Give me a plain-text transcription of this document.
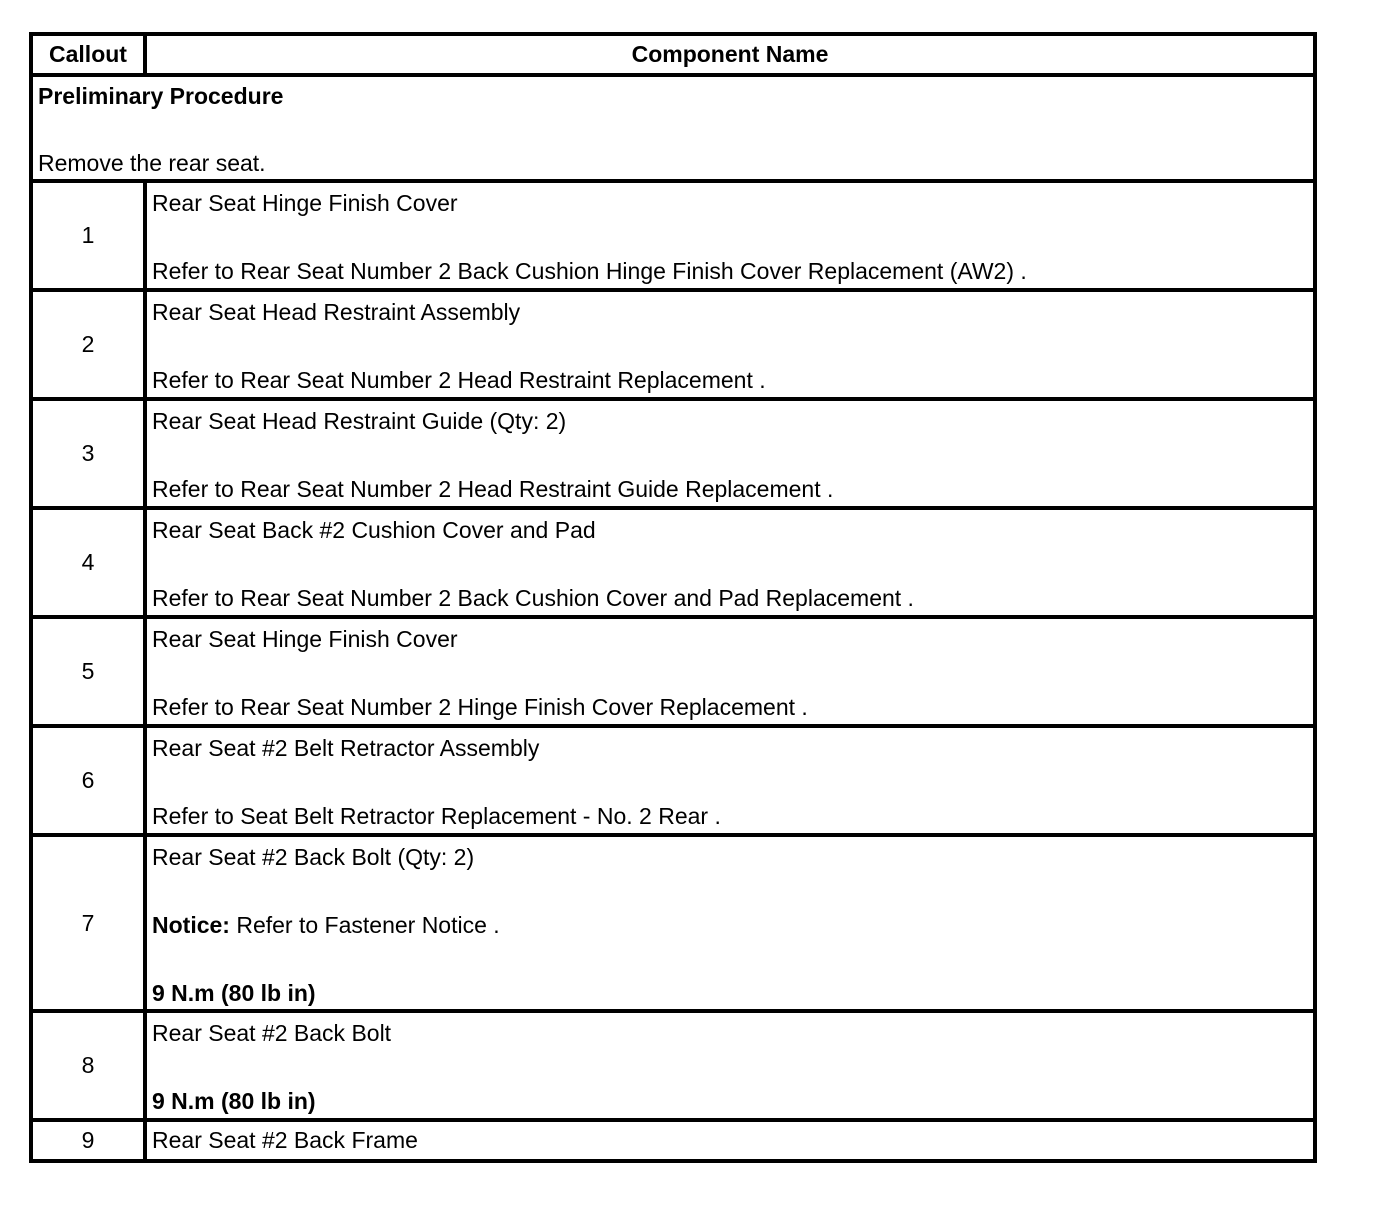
Callout	Component Name

Preliminary Procedure
Remove the rear seat.	

1	Rear Seat Hinge Finish Cover
Refer to Rear Seat Number 2 Back Cushion Hinge Finish Cover Replacement (AW2) .

2	Rear Seat Head Restraint Assembly
Refer to Rear Seat Number 2 Head Restraint Replacement .

3	Rear Seat Head Restraint Guide (Qty: 2)
Refer to Rear Seat Number 2 Head Restraint Guide Replacement .

4	Rear Seat Back #2 Cushion Cover and Pad
Refer to Rear Seat Number 2 Back Cushion Cover and Pad Replacement .

5	Rear Seat Hinge Finish Cover
Refer to Rear Seat Number 2 Hinge Finish Cover Replacement .

6	Rear Seat #2 Belt Retractor Assembly
Refer to Seat Belt Retractor Replacement - No. 2 Rear .

7	Rear Seat #2 Back Bolt (Qty: 2)
Notice: Refer to Fastener Notice .
9 N.m (80 lb in)

8	Rear Seat #2 Back Bolt
9 N.m (80 lb in)

9	Rear Seat #2 Back Frame
